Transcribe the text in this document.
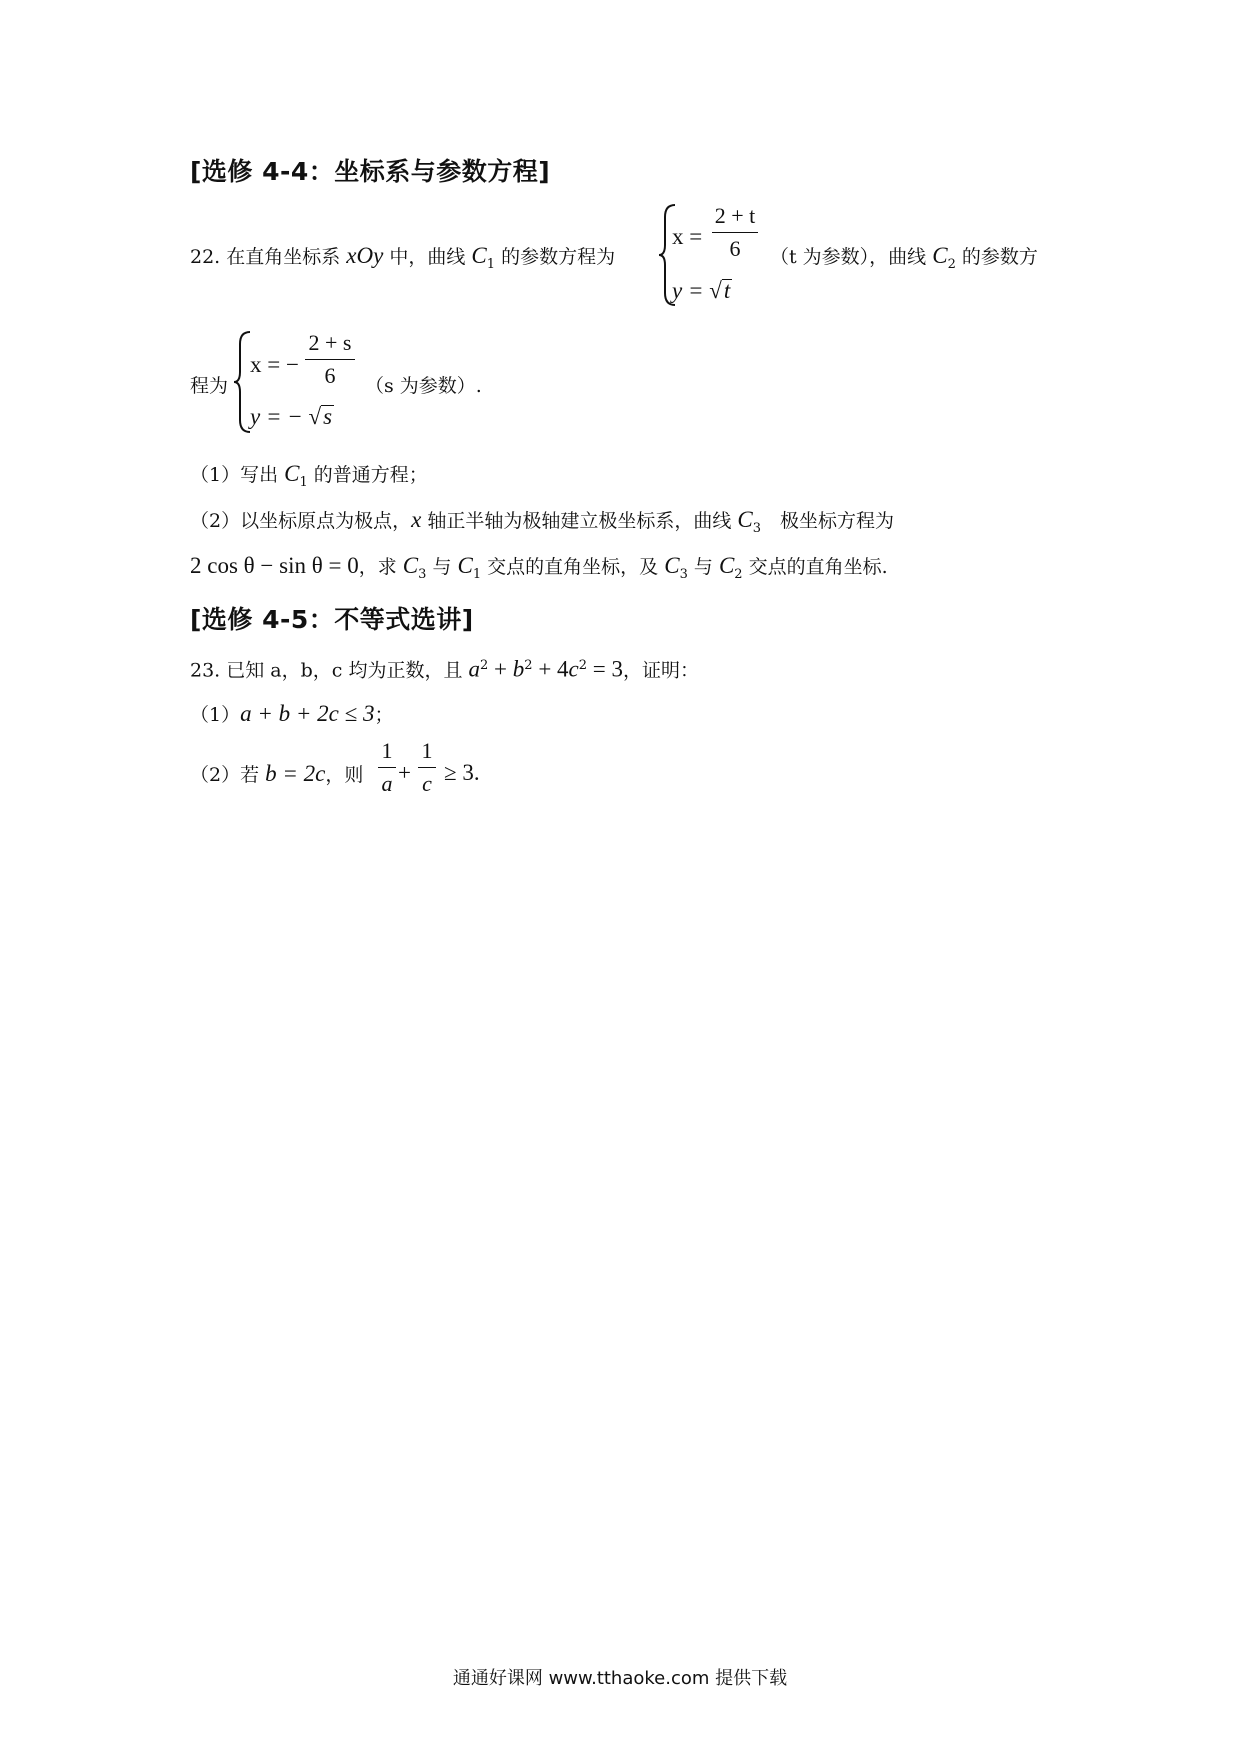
[选修 4-4：坐标系与参数方程]
22. 在直角坐标系 xOy 中，曲线 $C_1$ 的参数方程为
x =
2 + t
6
y = √t
（t 为参数），曲线 $C_2$ 的参数方
程为
x = −
2 + s
6
y = − √s
（s 为参数）.
（1）写出 $C_1$ 的普通方程；
（2）以坐标原点为极点，x 轴正半轴为极轴建立极坐标系，曲线 $C_3$　极坐标方程为
2 cos θ − sin θ = 0，求 $C_3$ 与 $C_1$ 交点的直角坐标，及 $C_3$ 与 $C_2$ 交点的直角坐标.
[选修 4-5：不等式选讲]
23. 已知 a，b，c 均为正数，且 $a^2 + b^2 + 4c^2 = 3$，证明：
（1）a + b + 2c ≤ 3；
（2）若 b = 2c，则
1
a +
1
c ≥ 3.
通通好课网 www.tthaoke.com 提供下载
